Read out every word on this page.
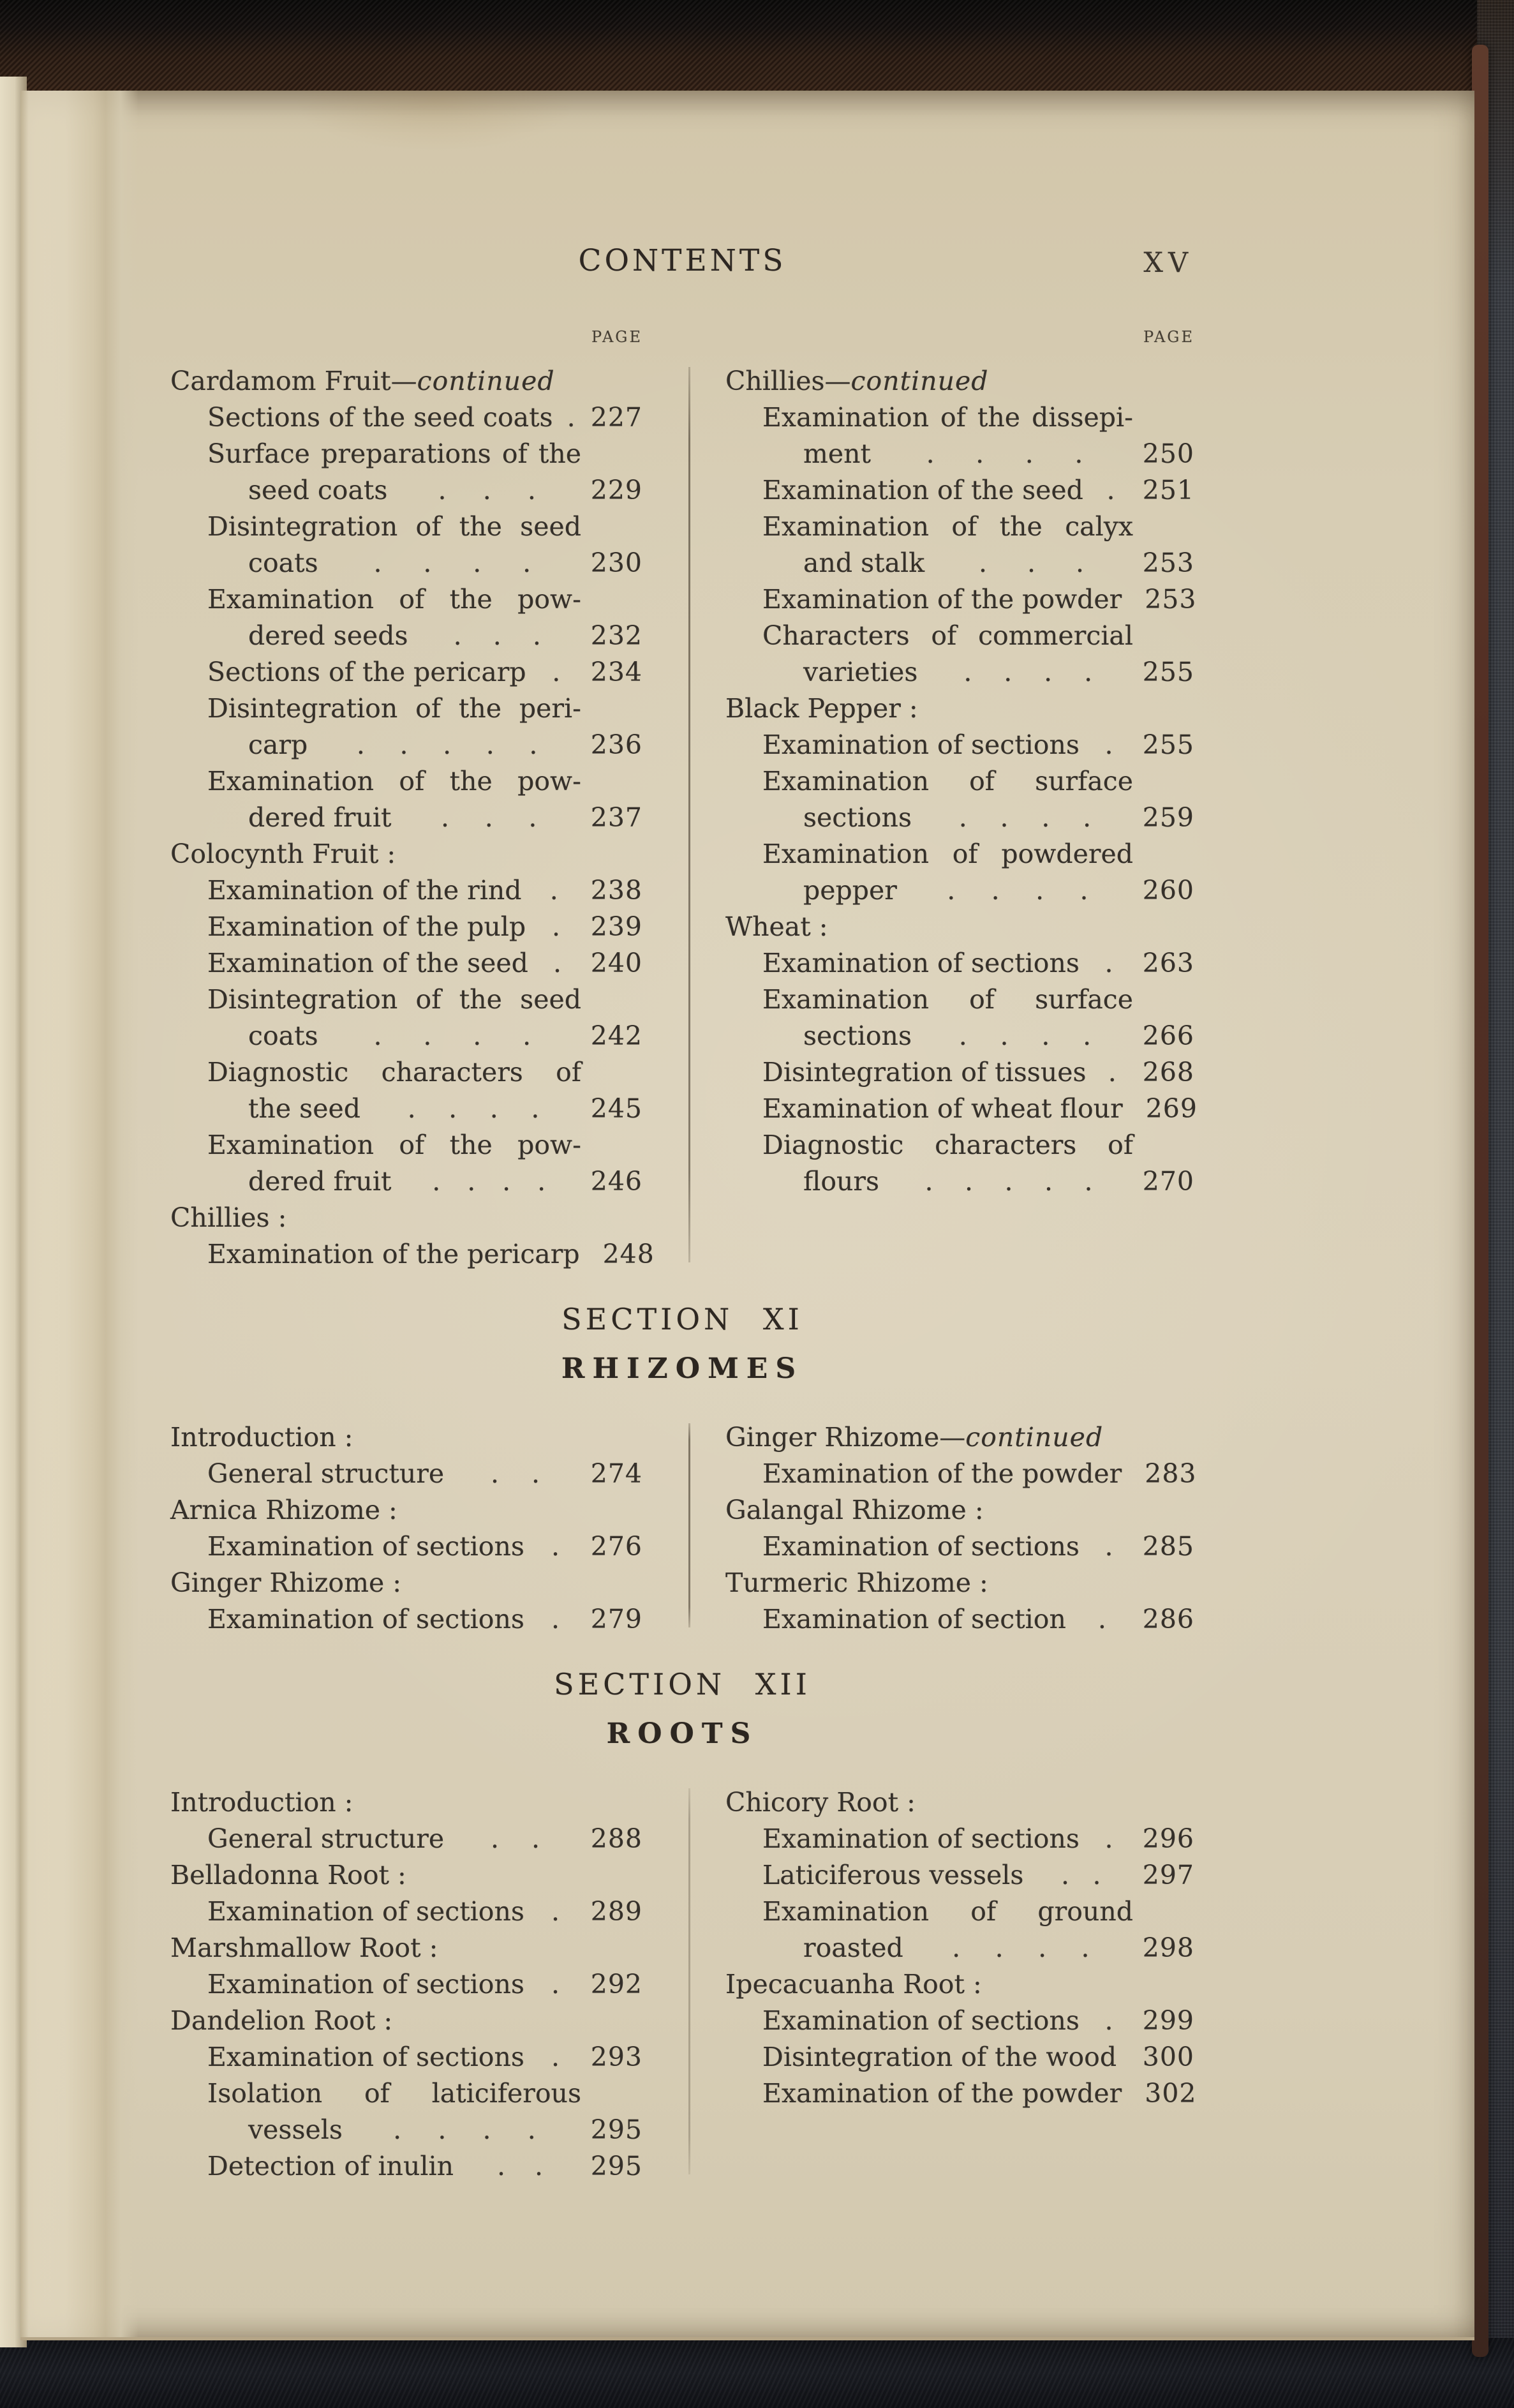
CONTENTS	XV
PAGE	PAGE
Cardamom Fruit—continued
Sections of the seed coats . 227
Surface preparations of the
seed coats . . .	229
Disintegration of the seed
coats . . . .	230
Examination of the pow-
dered seeds . . .	232
Sections of the pericarp .	234
Disintegration of the peri-
carp . . . . .	236
Examination of the pow-
dered fruit . . .	237
Colocynth Fruit :
Examination of the rind .	238
Examination of the pulp .	239
Examination of the seed .	240
Disintegration of the seed
coats . . . .	242
Diagnostic characters of
the seed . . . .	245
Examination of the pow-
dered fruit . . . .	246
Chillies :
Examination of the pericarp 248
Chillies—continued
Examination of the dissepi-
ment . . . .	250
Examination of the seed .	251
Examination of the calyx
and stalk . . .	253
Examination of the powder 253
Characters of commercial
varieties . . . .	255
Black Pepper :
Examination of sections .	255
Examination of surface
sections . . . .	259
Examination of powdered
pepper . . . .	260
Wheat :
Examination of sections .	263
Examination of surface
sections . . . .	266
Disintegration of tissues . 268
Examination of wheat flour 269
Diagnostic characters of
flours . . . . .	270
SECTION XI
RHIZOMES
Introduction :
General structure . .	274
Arnica Rhizome :
Examination of sections .	276
Ginger Rhizome :
Examination of sections .	279
Ginger Rhizome—continued
Examination of the powder 283
Galangal Rhizome :
Examination of sections .	285
Turmeric Rhizome :
Examination of section .	286
SECTION XII
ROOTS
Introduction :
General structure . .	288
Belladonna Root :
Examination of sections .	289
Marshmallow Root :
Examination of sections .	292
Dandelion Root :
Examination of sections .	293
Isolation of laticiferous
vessels . . . .	295
Detection of inulin . .	295
Chicory Root :
Examination of sections .	296
Laticiferous vessels . .	297
Examination of ground
roasted . . . .	298
Ipecacuanha Root :
Examination of sections .	299
Disintegration of the wood 300
Examination of the powder 302
